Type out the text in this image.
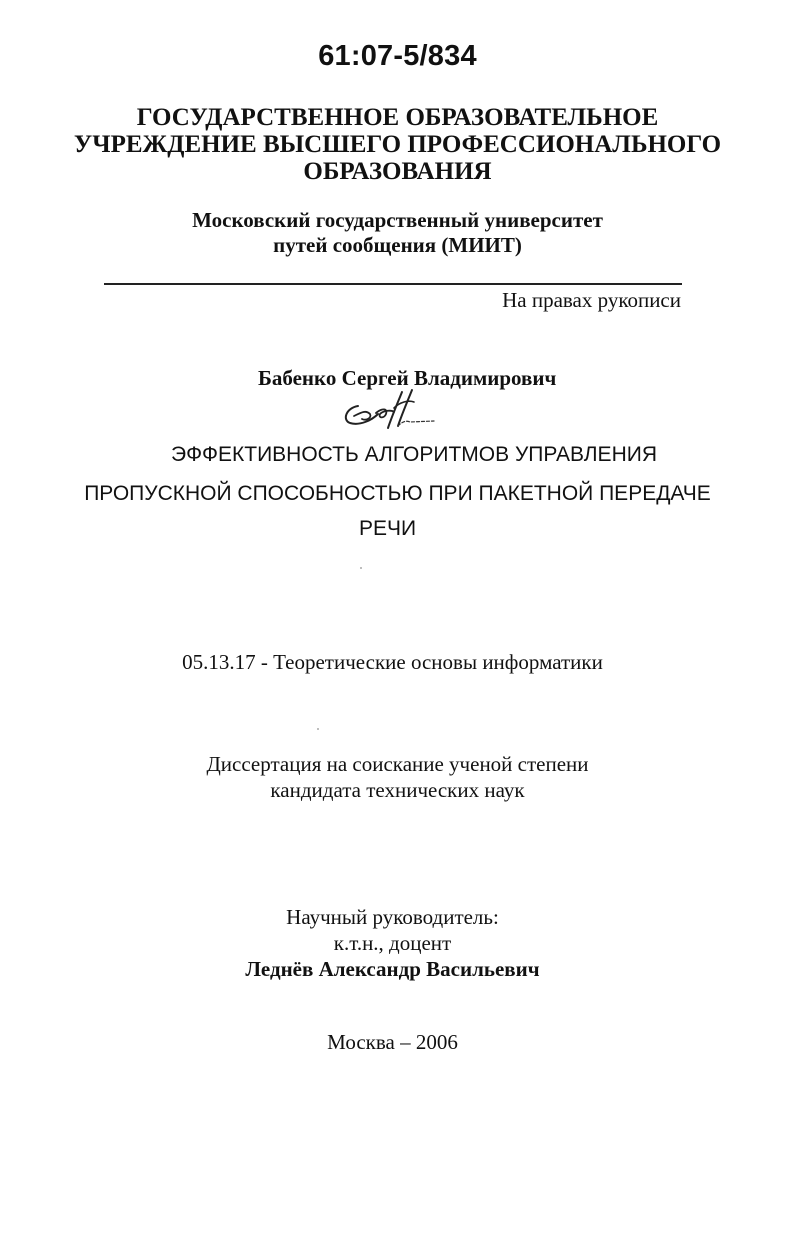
61:07-5/834
ГОСУДАРСТВЕННОЕ ОБРАЗОВАТЕЛЬНОЕ
УЧРЕЖДЕНИЕ ВЫСШЕГО ПРОФЕССИОНАЛЬНОГО
ОБРАЗОВАНИЯ
Московский государственный университет
путей сообщения (МИИТ)
На правах рукописи
Бабенко Сергей Владимирович
ЭФФЕКТИВНОСТЬ АЛГОРИТМОВ УПРАВЛЕНИЯ
ПРОПУСКНОЙ СПОСОБНОСТЬЮ ПРИ ПАКЕТНОЙ ПЕРЕДАЧЕ
РЕЧИ
05.13.17 - Теоретические основы информатики
Диссертация на соискание ученой степени
кандидата технических наук
Научный руководитель:
к.т.н., доцент
Леднёв Александр Васильевич
Москва – 2006
